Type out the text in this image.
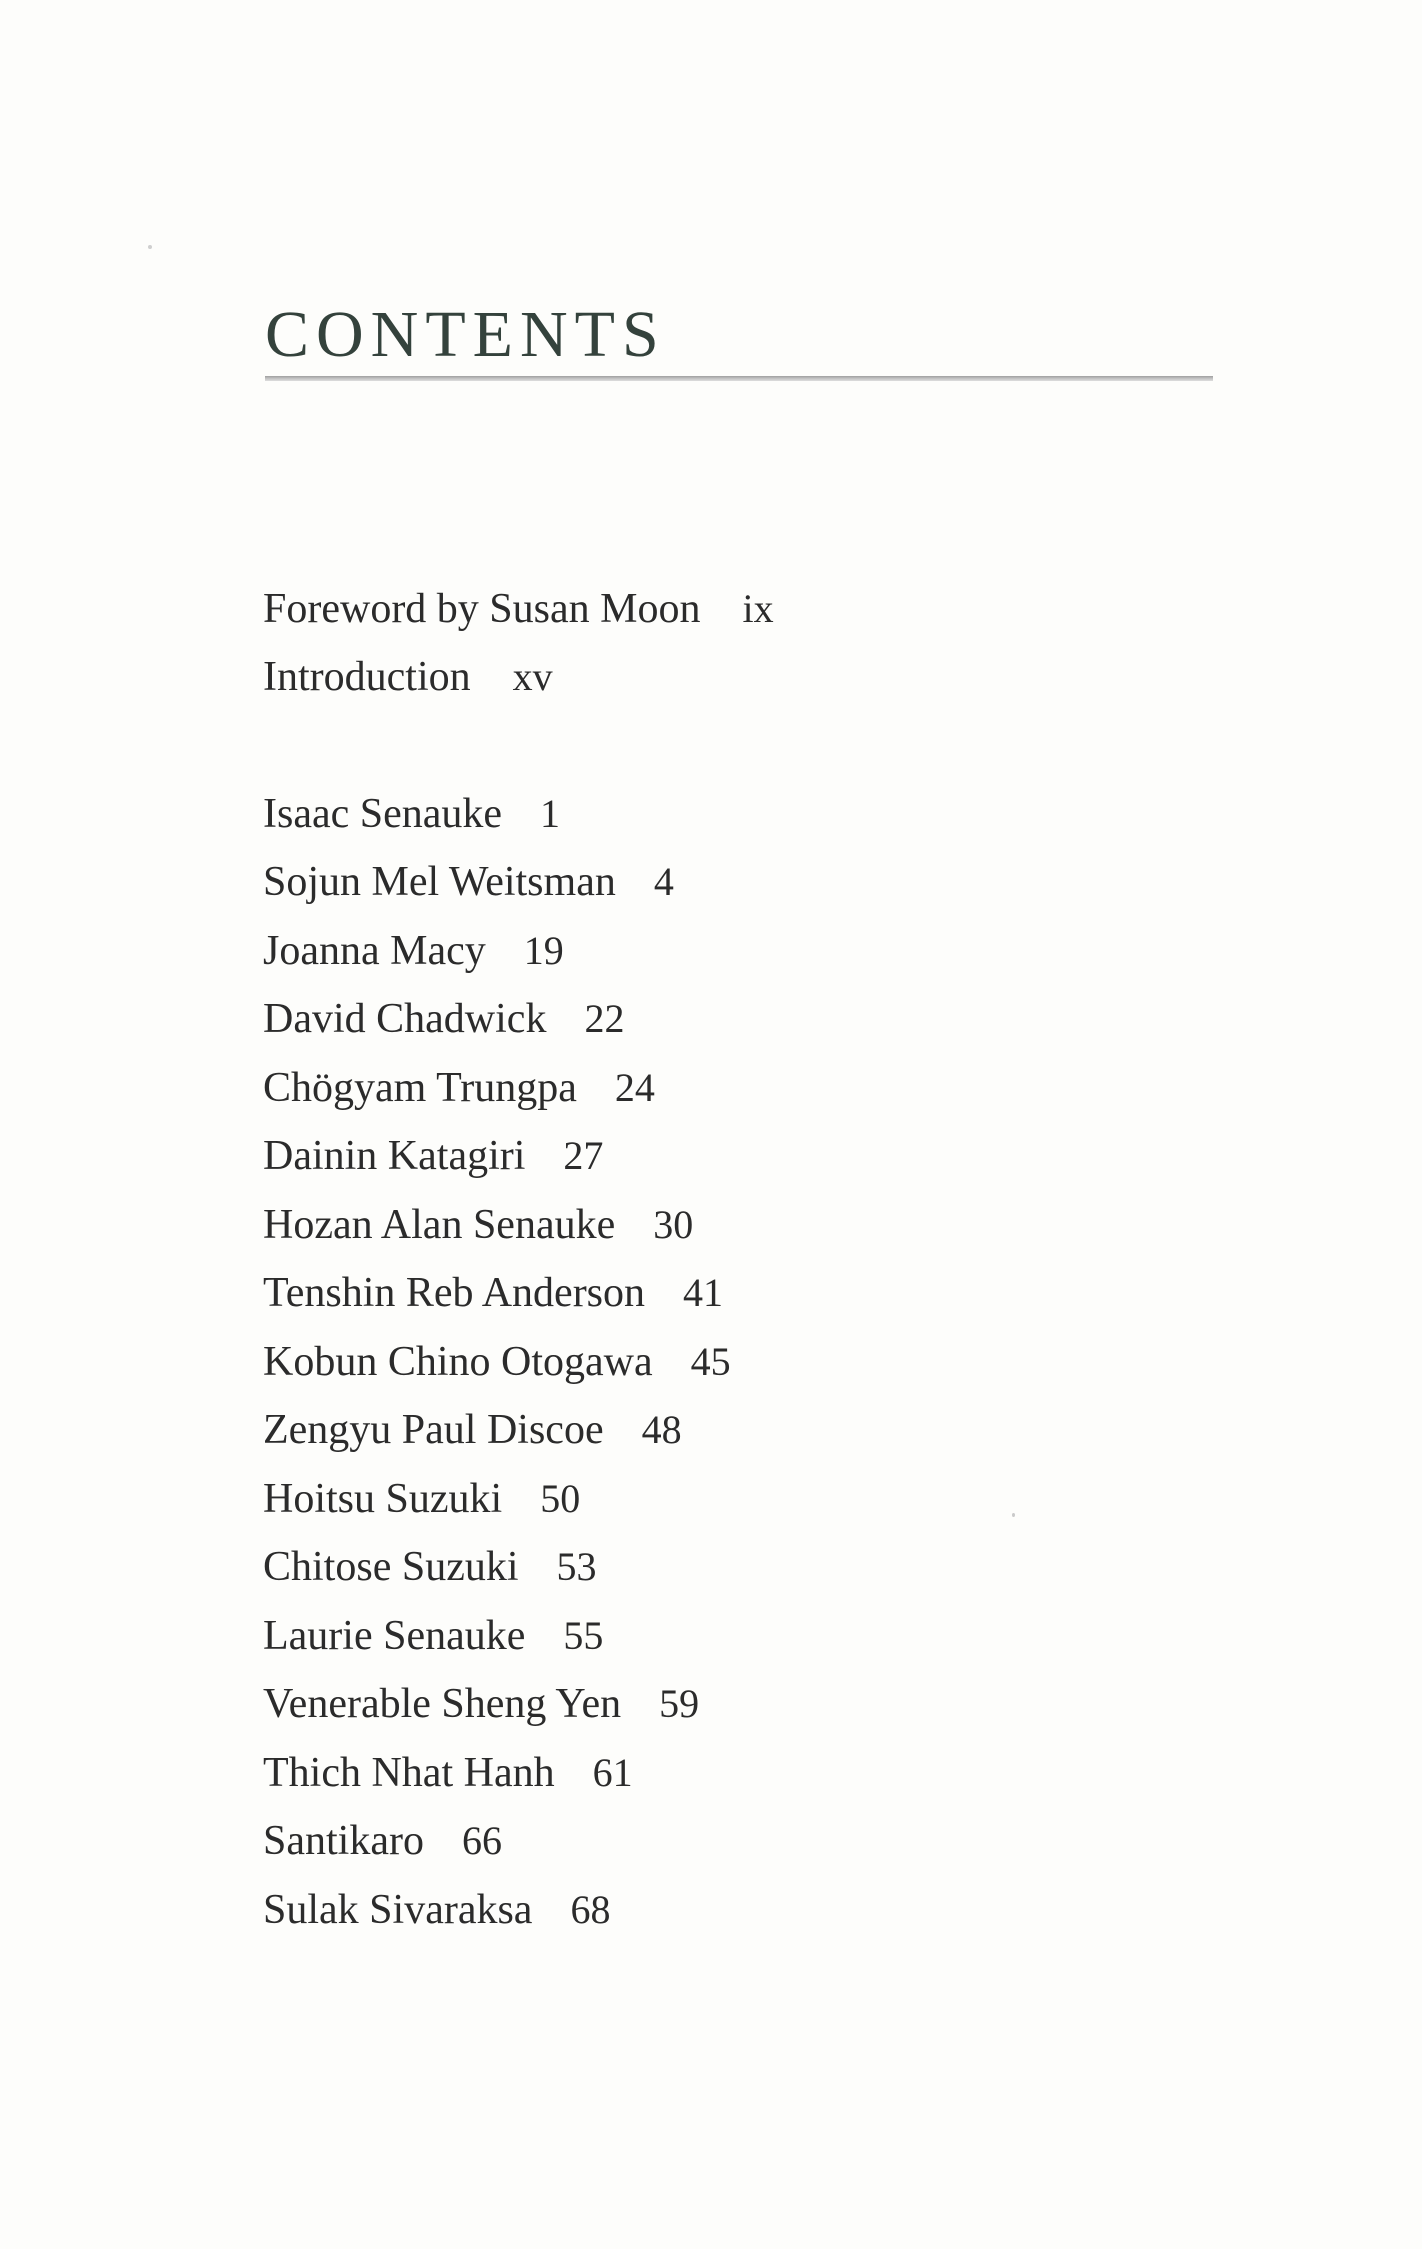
CONTENTS
Foreword by Susan Moon ix
Introduction xv
Isaac Senauke 1
Sojun Mel Weitsman 4
Joanna Macy 19
David Chadwick 22
Chögyam Trungpa 24
Dainin Katagiri 27
Hozan Alan Senauke 30
Tenshin Reb Anderson 41
Kobun Chino Otogawa 45
Zengyu Paul Discoe 48
Hoitsu Suzuki 50
Chitose Suzuki 53
Laurie Senauke 55
Venerable Sheng Yen 59
Thich Nhat Hanh 61
Santikaro 66
Sulak Sivaraksa 68
